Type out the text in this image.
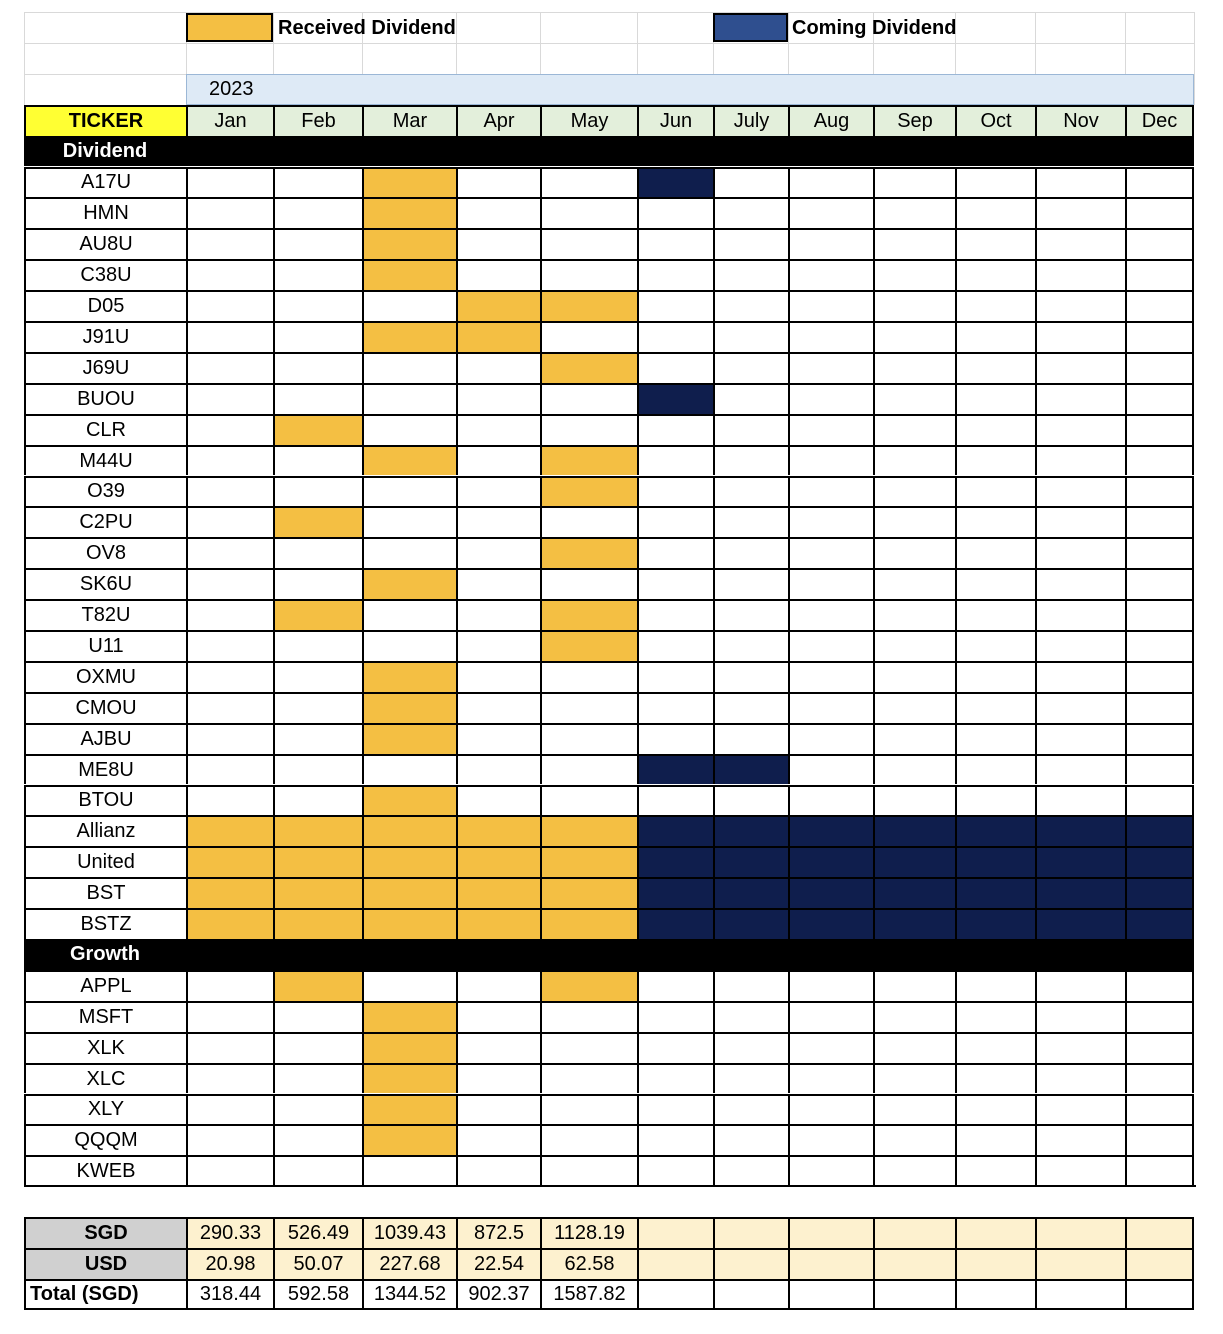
Received Dividend	Coming Dividend
2023
TICKER	Jan	Feb	Mar	Apr	May	Jun	July	Aug	Sep	Oct	Nov	Dec
Dividend
A17U
HMN
AU8U
C38U
D05
J91U
J69U
BUOU
CLR
M44U
O39
C2PU
OV8
SK6U
T82U
U11
OXMU
CMOU
AJBU
ME8U
BTOU
Allianz
United
BST
BSTZ
Growth
APPL
MSFT
XLK
XLC
XLY
QQQM
KWEB
SGD	290.33	526.49	1039.43	872.5	1128.19
USD	20.98	50.07	227.68	22.54	62.58
Total (SGD)	318.44	592.58	1344.52	902.37	1587.82
